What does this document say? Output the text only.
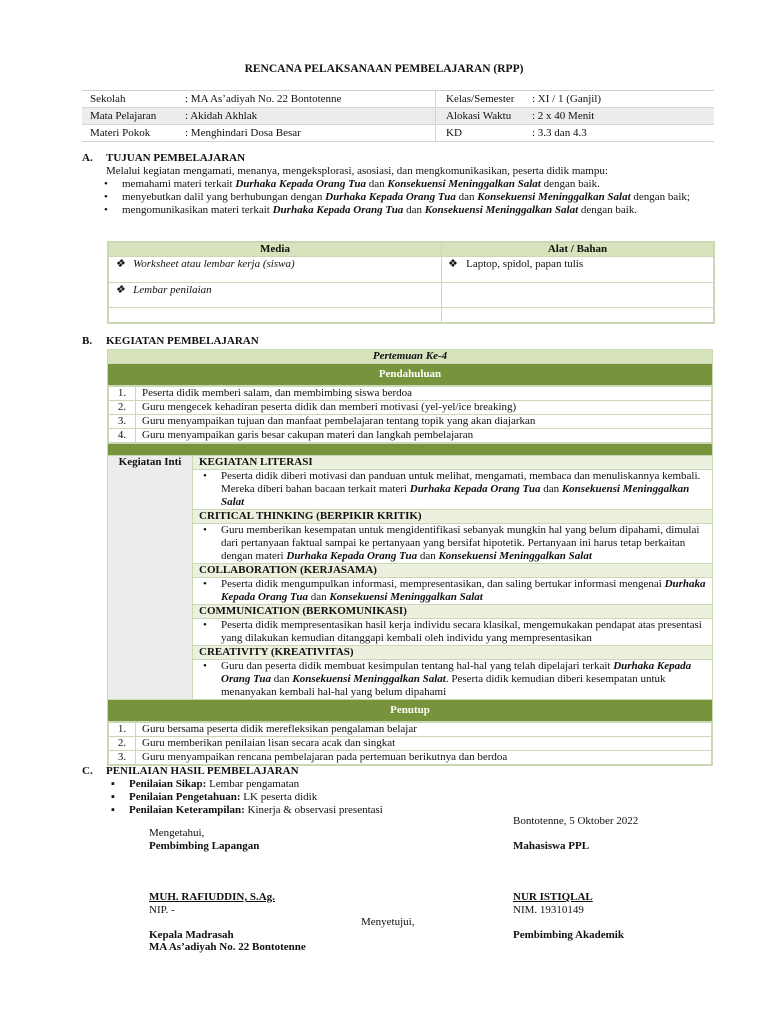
RENCANA PELAKSANAAN PEMBELAJARAN (RPP)
Sekolah	: MA As’adiyah No. 22 Bontotenne	Kelas/Semester	: XI / 1 (Ganjil)
Mata Pelajaran	: Akidah Akhlak	Alokasi Waktu	: 2 x 40 Menit
Materi Pokok	: Menghindari Dosa Besar	KD	: 3.3 dan 4.3
A. TUJUAN PEMBELAJARAN
Melalui kegiatan mengamati, menanya, mengeksplorasi, asosiasi, dan mengkomunikasikan, peserta didik mampu:
• memahami materi terkait Durhaka Kepada Orang Tua dan Konsekuensi Meninggalkan Salat dengan baik.
• menyebutkan dalil yang berhubungan dengan Durhaka Kepada Orang Tua dan Konsekuensi Meninggalkan Salat dengan baik;
• mengomunikasikan materi terkait Durhaka Kepada Orang Tua dan Konsekuensi Meninggalkan Salat dengan baik.
Media	Alat / Bahan
❖ Worksheet atau lembar kerja (siswa)	❖ Laptop, spidol, papan tulis
❖ Lembar penilaian	

B. KEGIATAN PEMBELAJARAN
Pertemuan Ke-4
Pendahuluan

1.	Peserta didik memberi salam, dan membimbing siswa berdoa
2.	Guru mengecek kehadiran peserta didik dan memberi motivasi (yel-yel/ice breaking)
3.	Guru menyampaikan tujuan dan manfaat pembelajaran tentang topik yang akan diajarkan
4.	Guru menyampaikan garis besar cakupan materi dan langkah pembelajaran

Kegiatan Inti	KEGIATAN LITERASI

• Peserta didik diberi motivasi dan panduan untuk melihat, mengamati, membaca dan menuliskannya kembali. Mereka diberi bahan bacaan terkait materi Durhaka Kepada Orang Tua dan Konsekuensi Meninggalkan Salat

CRITICAL THINKING (BERPIKIR KRITIK)

• Guru memberikan kesempatan untuk mengidentifikasi sebanyak mungkin hal yang belum dipahami, dimulai dari pertanyaan faktual sampai ke pertanyaan yang bersifat hipotetik. Pertanyaan ini harus tetap berkaitan dengan materi Durhaka Kepada Orang Tua dan Konsekuensi Meninggalkan Salat

COLLABORATION (KERJASAMA)

• Peserta didik mengumpulkan informasi, mempresentasikan, dan saling bertukar informasi mengenai Durhaka Kepada Orang Tua dan Konsekuensi Meninggalkan Salat

COMMUNICATION (BERKOMUNIKASI)

• Peserta didik mempresentasikan hasil kerja individu secara klasikal, mengemukakan pendapat atas presentasi yang dilakukan kemudian ditanggapi kembali oleh individu yang mempresentasikan

CREATIVITY (KREATIVITAS)

• Guru dan peserta didik membuat kesimpulan tentang hal-hal yang telah dipelajari terkait Durhaka Kepada Orang Tua dan Konsekuensi Meninggalkan Salat. Peserta didik kemudian diberi kesempatan untuk menanyakan kembali hal-hal yang belum dipahami

Penutup

1.	Guru bersama peserta didik merefleksikan pengalaman belajar
2.	Guru memberikan penilaian lisan secara acak dan singkat
3.	Guru menyampaikan rencana pembelajaran pada pertemuan berikutnya dan berdoa
C. PENILAIAN HASIL PEMBELAJARAN
▪ Penilaian Sikap: Lembar pengamatan
▪ Penilaian Pengetahuan: LK peserta didik
▪ Penilaian Keterampilan: Kinerja & observasi presentasi
Bontotenne, 5 Oktober 2022
Mengetahui,
Pembimbing Lapangan	Mahasiswa PPL
MUH. RAFIUDDIN, S.Ag.
NIP. -
NUR ISTIQLAL
NIM. 19310149
Menyetujui,
Kepala Madrasah	Pembimbing Akademik
MA As’adiyah No. 22 Bontotenne
